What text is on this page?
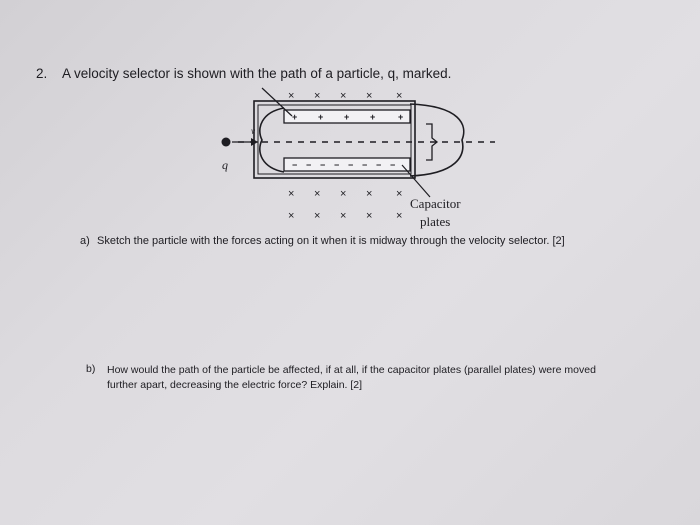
2. A velocity selector is shown with the path of a particle, q, marked.
× × × × ×
× × × × ×
× × × × ×
+ + + +	+
− − − − − − − −
v
q
Capacitor
plates
a) Sketch the particle with the forces acting on it when it is midway through the velocity selector. [2]
b) How would the path of the particle be affected, if at all, if the capacitor plates (parallel plates) were moved
further apart, decreasing the electric force? Explain. [2]
